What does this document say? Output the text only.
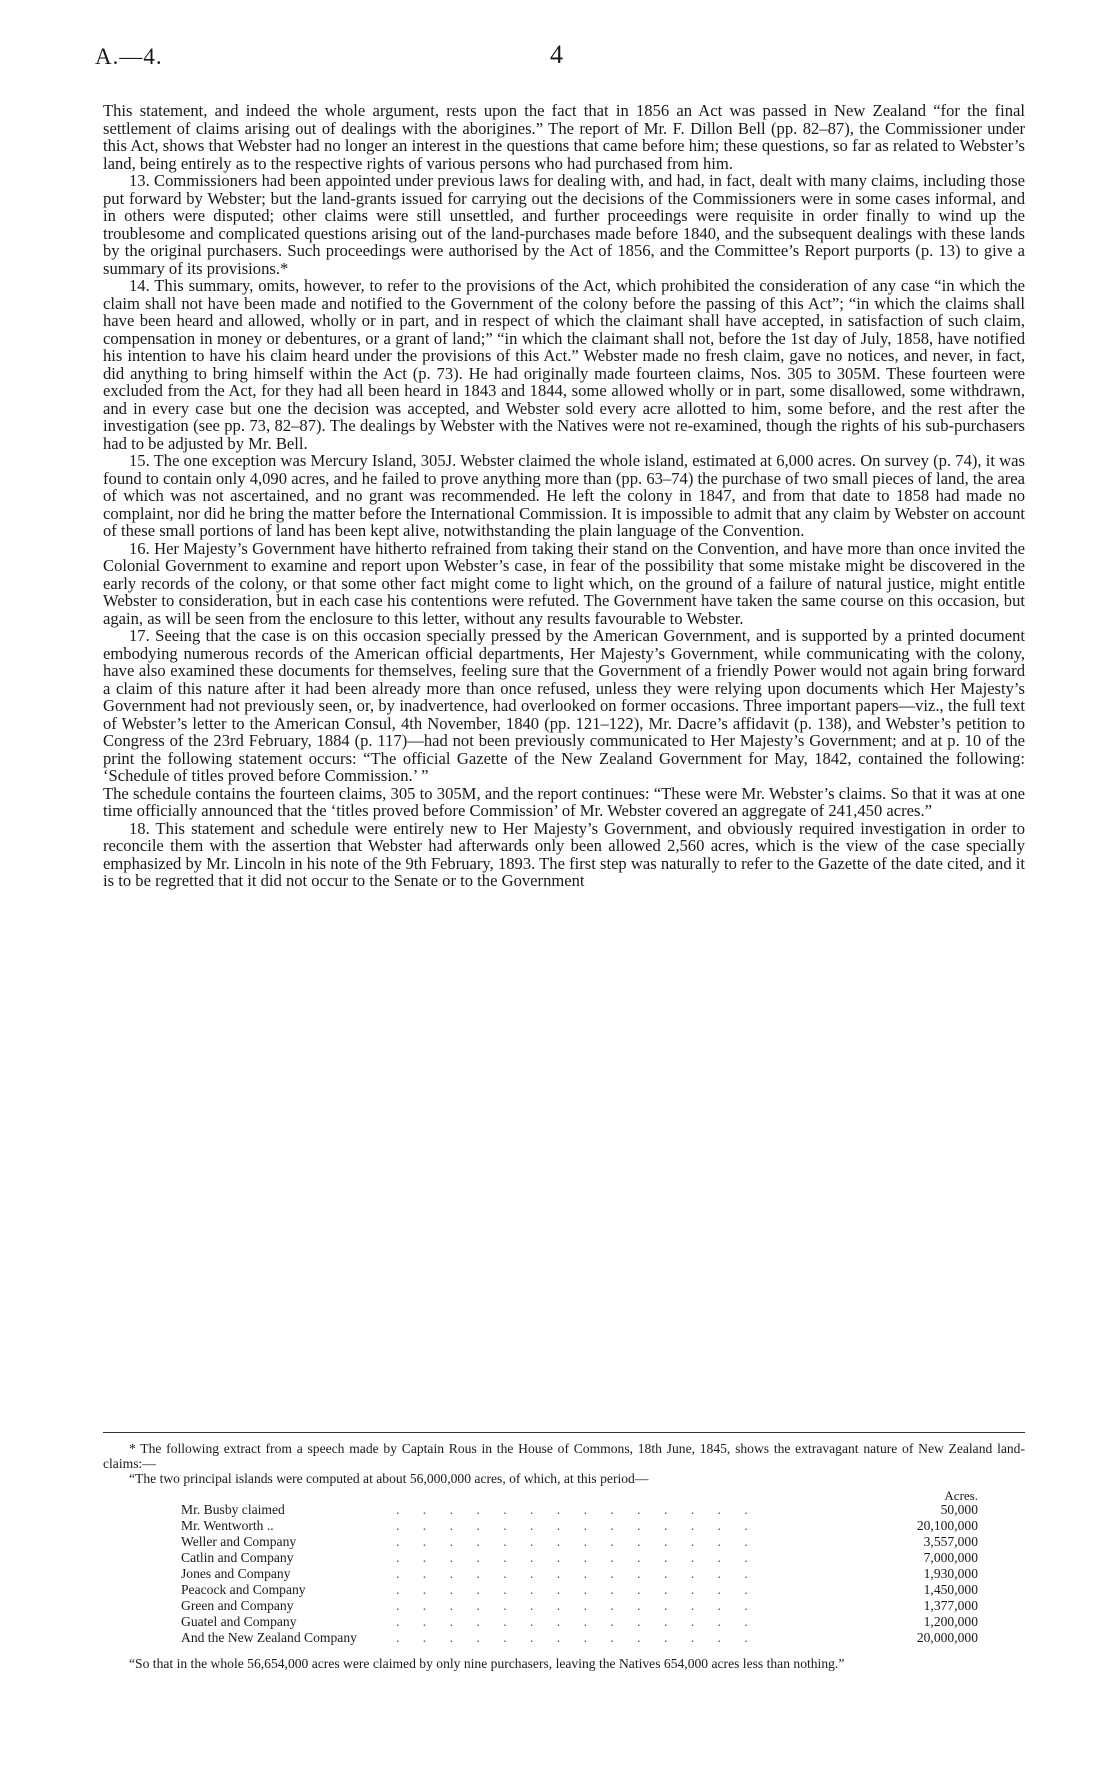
A.—4.	4

This statement, and indeed the whole argument, rests upon the fact that in 1856 an Act was passed in New Zealand “for the final settlement of claims arising out of dealings with the aborigines.” The report of Mr. F. Dillon Bell (pp. 82–87), the Commissioner under this Act, shows that Webster had no longer an interest in the questions that came before him; these questions, so far as related to Webster’s land, being entirely as to the respective rights of various persons who had purchased from him.

13. Commissioners had been appointed under previous laws for dealing with, and had, in fact, dealt with many claims, including those put forward by Webster; but the land-grants issued for carrying out the decisions of the Commissioners were in some cases informal, and in others were disputed; other claims were still unsettled, and further proceedings were requisite in order finally to wind up the troublesome and complicated questions arising out of the land-purchases made before 1840, and the subsequent dealings with these lands by the original purchasers. Such proceedings were authorised by the Act of 1856, and the Committee’s Report purports (p. 13) to give a summary of its provisions.*

14. This summary, omits, however, to refer to the provisions of the Act, which prohibited the consideration of any case “in which the claim shall not have been made and notified to the Government of the colony before the passing of this Act”; “in which the claims shall have been heard and allowed, wholly or in part, and in respect of which the claimant shall have accepted, in satisfaction of such claim, compensation in money or debentures, or a grant of land;” “in which the claimant shall not, before the 1st day of July, 1858, have notified his intention to have his claim heard under the provisions of this Act.” Webster made no fresh claim, gave no notices, and never, in fact, did anything to bring himself within the Act (p. 73). He had originally made fourteen claims, Nos. 305 to 305M. These fourteen were excluded from the Act, for they had all been heard in 1843 and 1844, some allowed wholly or in part, some disallowed, some withdrawn, and in every case but one the decision was accepted, and Webster sold every acre allotted to him, some before, and the rest after the investigation (see pp. 73, 82–87). The dealings by Webster with the Natives were not re-examined, though the rights of his sub-purchasers had to be adjusted by Mr. Bell.

15. The one exception was Mercury Island, 305J. Webster claimed the whole island, estimated at 6,000 acres. On survey (p. 74), it was found to contain only 4,090 acres, and he failed to prove anything more than (pp. 63–74) the purchase of two small pieces of land, the area of which was not ascertained, and no grant was recommended. He left the colony in 1847, and from that date to 1858 had made no complaint, nor did he bring the matter before the International Commission. It is impossible to admit that any claim by Webster on account of these small portions of land has been kept alive, notwithstanding the plain language of the Convention.

16. Her Majesty’s Government have hitherto refrained from taking their stand on the Convention, and have more than once invited the Colonial Government to examine and report upon Webster’s case, in fear of the possibility that some mistake might be discovered in the early records of the colony, or that some other fact might come to light which, on the ground of a failure of natural justice, might entitle Webster to consideration, but in each case his contentions were refuted. The Government have taken the same course on this occasion, but again, as will be seen from the enclosure to this letter, without any results favourable to Webster.

17. Seeing that the case is on this occasion specially pressed by the American Government, and is supported by a printed document embodying numerous records of the American official departments, Her Majesty’s Government, while communicating with the colony, have also examined these documents for themselves, feeling sure that the Government of a friendly Power would not again bring forward a claim of this nature after it had been already more than once refused, unless they were relying upon documents which Her Majesty’s Government had not previously seen, or, by inadvertence, had overlooked on former occasions. Three important papers—viz., the full text of Webster’s letter to the American Consul, 4th November, 1840 (pp. 121–122), Mr. Dacre’s affidavit (p. 138), and Webster’s petition to Congress of the 23rd February, 1884 (p. 117)—had not been previously communicated to Her Majesty’s Government; and at p. 10 of the print the following statement occurs: “The official Gazette of the New Zealand Government for May, 1842, contained the following: ‘Schedule of titles proved before Commission.’ ”

The schedule contains the fourteen claims, 305 to 305M, and the report continues: “These were Mr. Webster’s claims. So that it was at one time officially announced that the ‘titles proved before Commission’ of Mr. Webster covered an aggregate of 241,450 acres.”

18. This statement and schedule were entirely new to Her Majesty’s Government, and obviously required investigation in order to reconcile them with the assertion that Webster had afterwards only been allowed 2,560 acres, which is the view of the case specially emphasized by Mr. Lincoln in his note of the 9th February, 1893. The first step was naturally to refer to the Gazette of the date cited, and it is to be regretted that it did not occur to the Senate or to the Government

* The following extract from a speech made by Captain Rous in the House of Commons, 18th June, 1845, shows the extravagant nature of New Zealand land-claims:—

“The two principal islands were computed at about 56,000,000 acres, of which, at this period—

Acres.
Mr. Busby claimed	. . . . . . . . . . . . . .	50,000
Mr. Wentworth ..	. . . . . . . . . . . . . .	20,100,000
Weller and Company	. . . . . . . . . . . . . .	3,557,000
Catlin and Company	. . . . . . . . . . . . . .	7,000,000
Jones and Company	. . . . . . . . . . . . . .	1,930,000
Peacock and Company	. . . . . . . . . . . . . .	1,450,000
Green and Company	. . . . . . . . . . . . . .	1,377,000
Guatel and Company	. . . . . . . . . . . . . .	1,200,000
And the New Zealand Company	. . . . . . . . . . . . . .	20,000,000

“So that in the whole 56,654,000 acres were claimed by only nine purchasers, leaving the Natives 654,000 acres less than nothing.”
